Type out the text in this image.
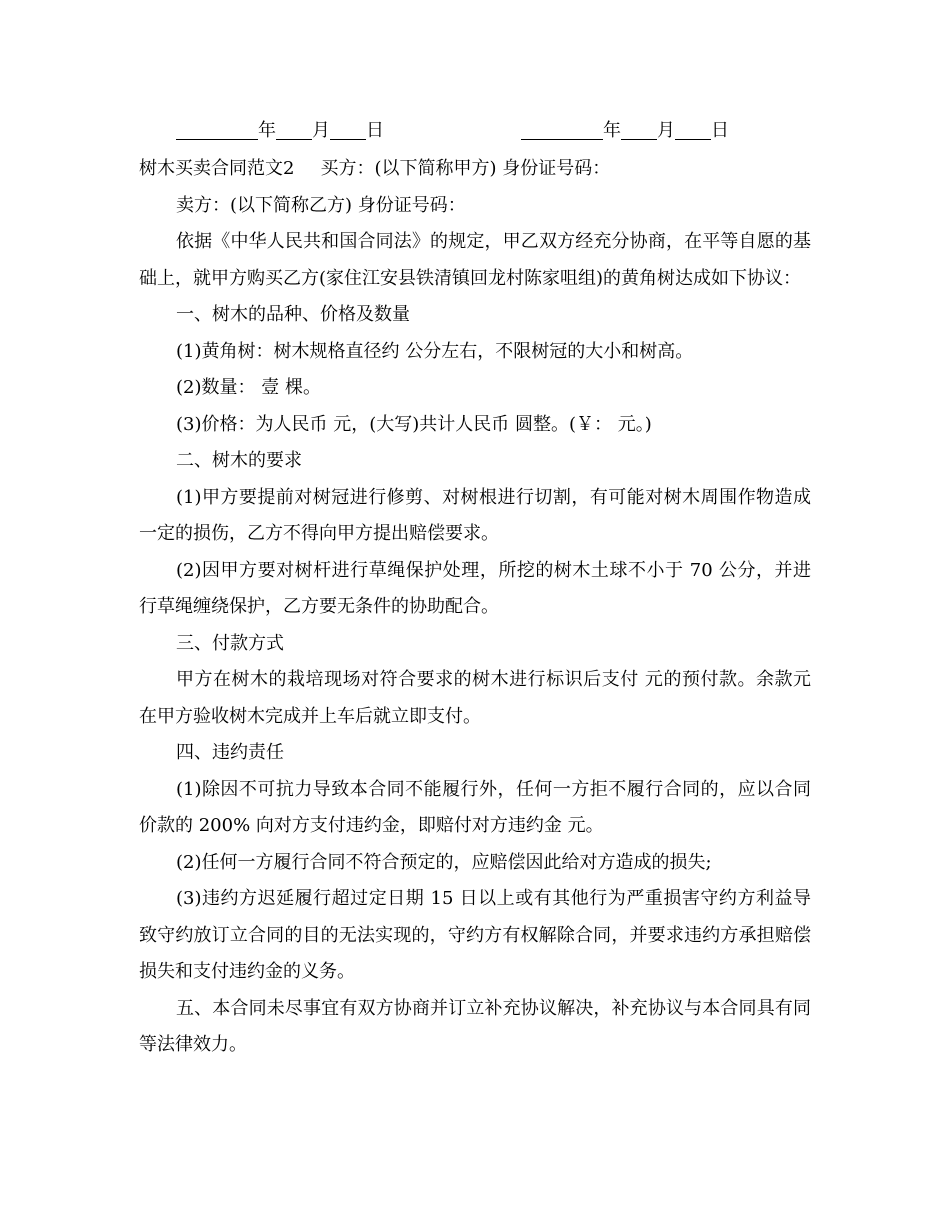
年 月 日	年 月 日

树木买卖合同范文2 买方：(以下简称甲方) 身份证号码：

卖方：(以下简称乙方) 身份证号码：

依据《中华人民共和国合同法》的规定，甲乙双方经充分协商，在平等自愿的基础上，就甲方购买乙方(家住江安县铁清镇回龙村陈家咀组)的黄角树达成如下协议：

一、树木的品种、价格及数量

(1)黄角树：树木规格直径约 公分左右，不限树冠的大小和树高。

(2)数量： 壹 棵。

(3)价格：为人民币 元，(大写)共计人民币 圆整。(￥： 元。)

二、树木的要求

(1)甲方要提前对树冠进行修剪、对树根进行切割，有可能对树木周围作物造成一定的损伤，乙方不得向甲方提出赔偿要求。

(2)因甲方要对树杆进行草绳保护处理，所挖的树木土球不小于 70 公分，并进行草绳缠绕保护，乙方要无条件的协助配合。

三、付款方式

甲方在树木的栽培现场对符合要求的树木进行标识后支付 元的预付款。余款元在甲方验收树木完成并上车后就立即支付。

四、违约责任

(1)除因不可抗力导致本合同不能履行外，任何一方拒不履行合同的，应以合同价款的 200% 向对方支付违约金，即赔付对方违约金 元。

(2)任何一方履行合同不符合预定的，应赔偿因此给对方造成的损失;

(3)违约方迟延履行超过定日期 15 日以上或有其他行为严重损害守约方利益导致守约放订立合同的目的无法实现的，守约方有权解除合同，并要求违约方承担赔偿损失和支付违约金的义务。

五、本合同未尽事宜有双方协商并订立补充协议解决，补充协议与本合同具有同等法律效力。
